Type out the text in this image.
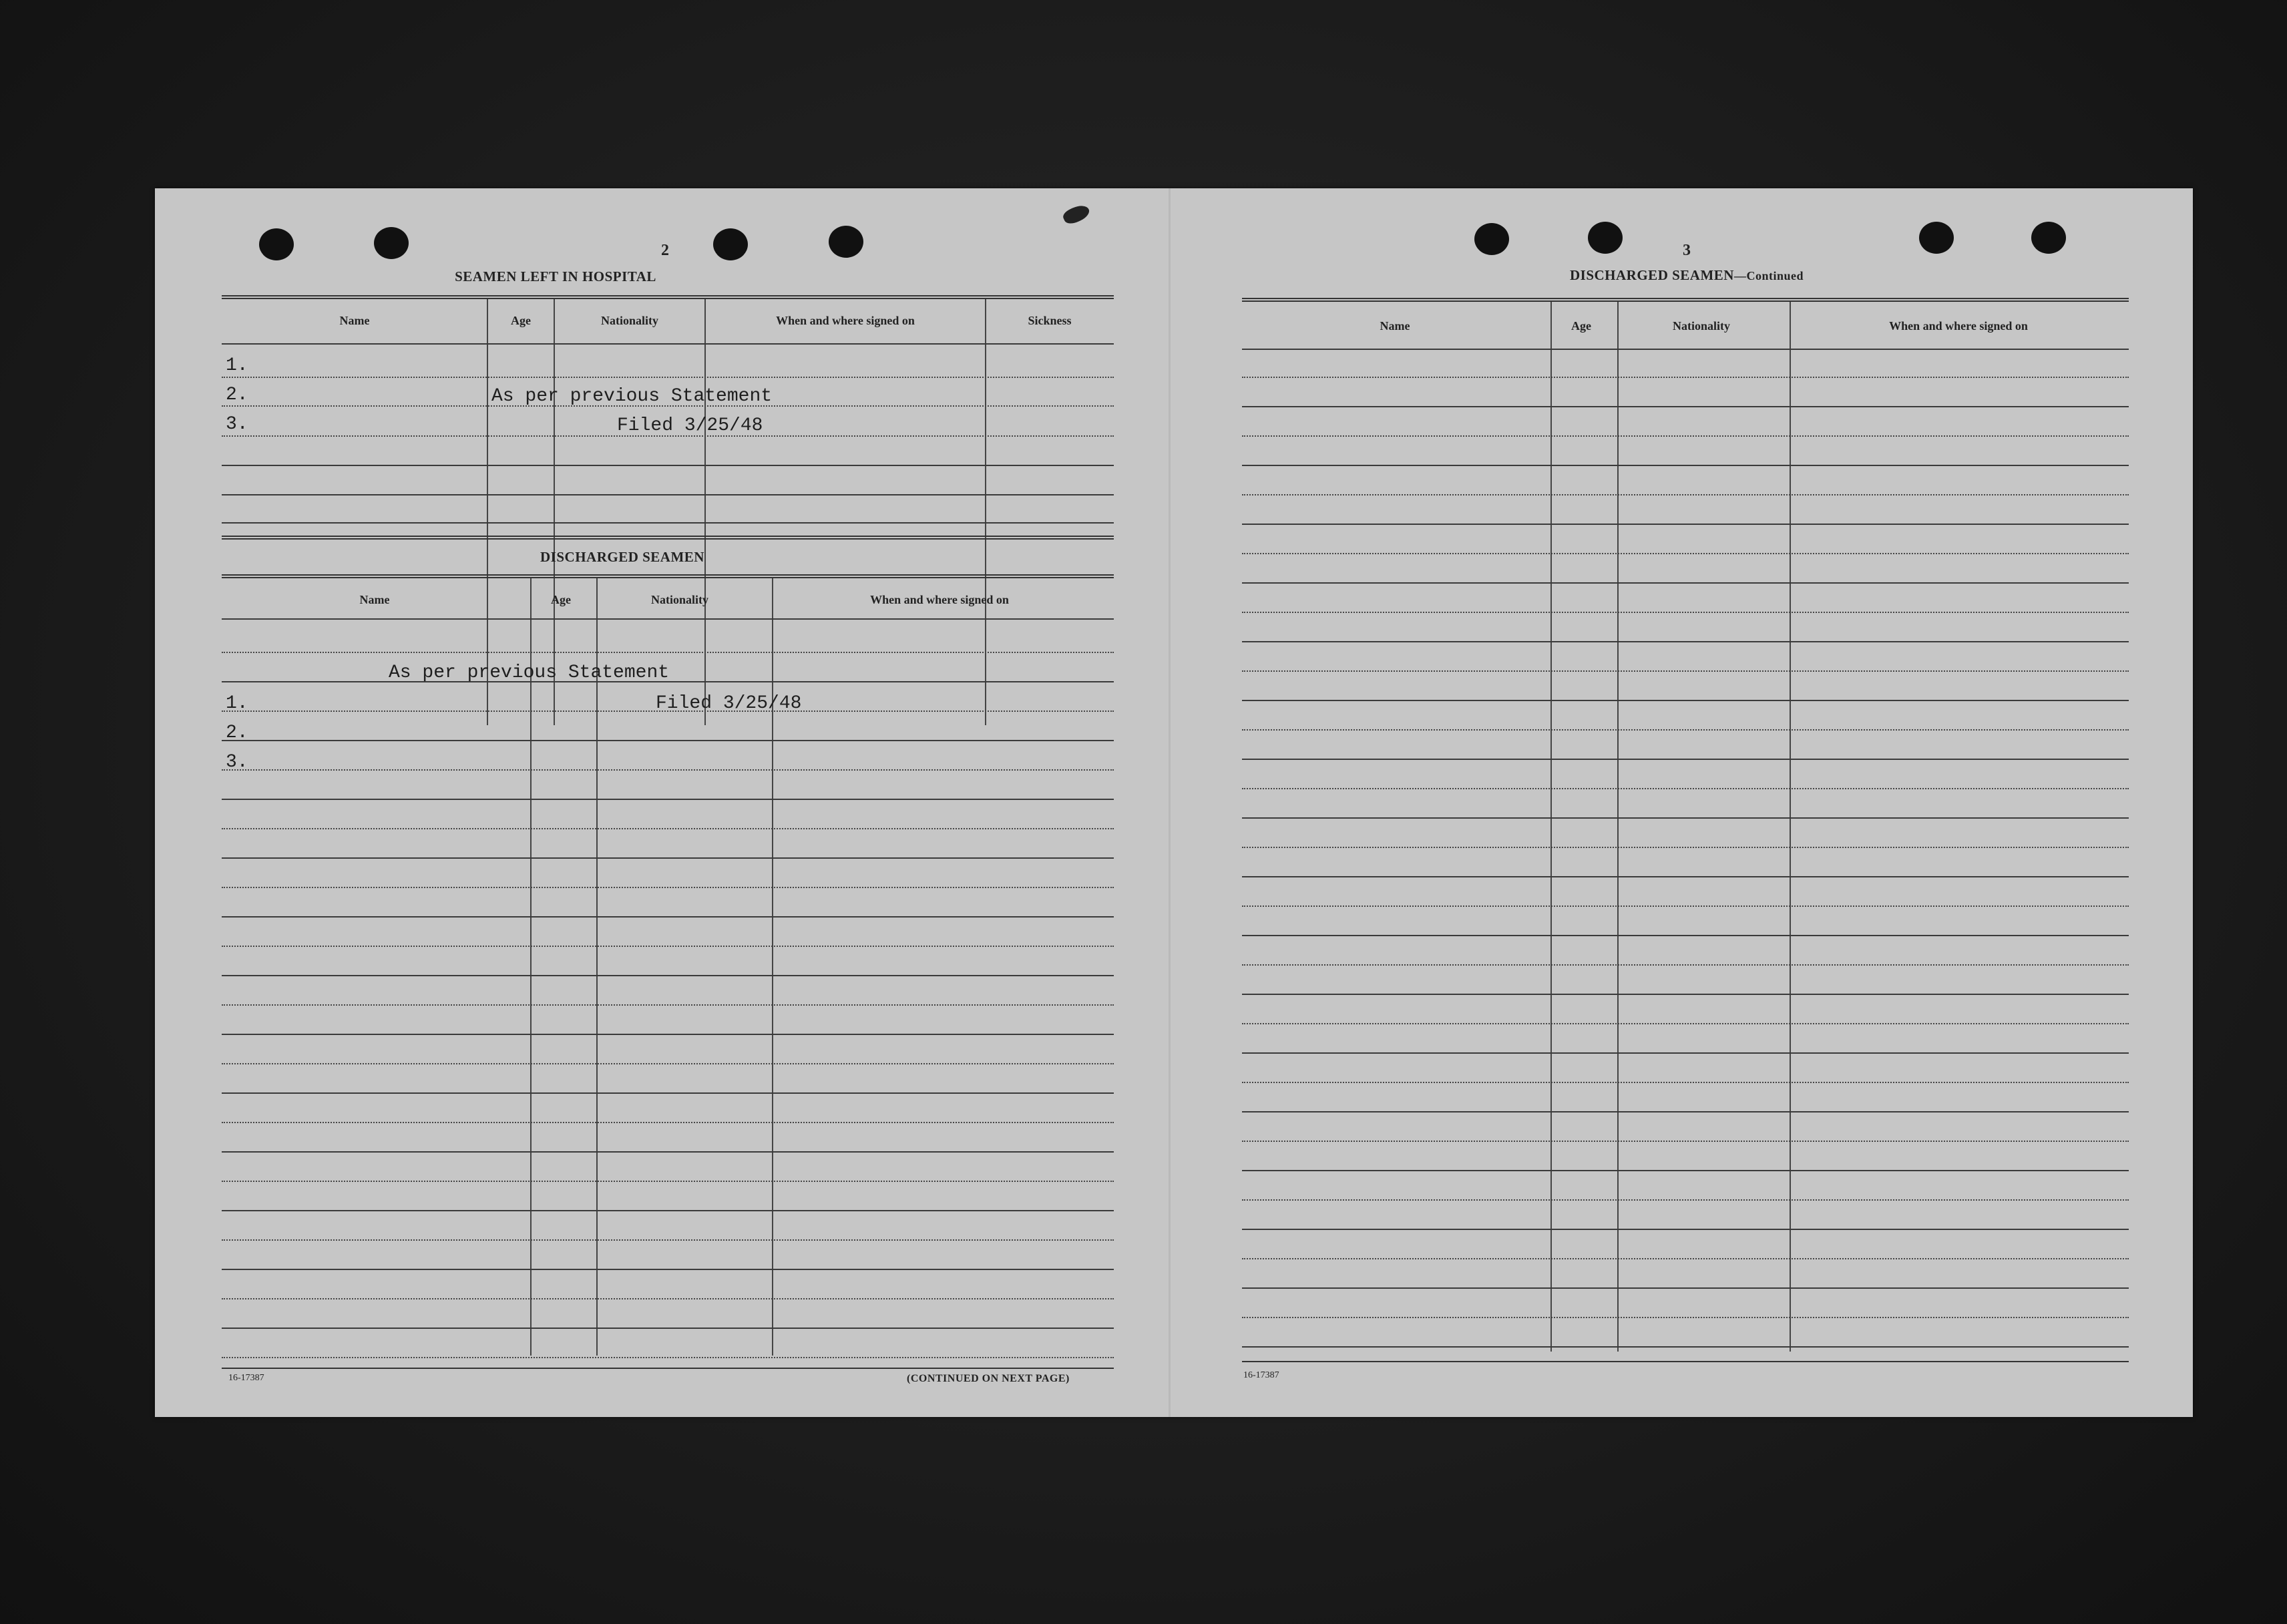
2
SEAMEN LEFT IN HOSPITAL
Name	Age	Nationality	When and where signed on	Sickness
1.
2.
3.
As per previous Statement
Filed 3/25/48
DISCHARGED SEAMEN
Name	Age	Nationality	When and where signed on
As per previous Statement
Filed 3/25/48
1.
2.
3.
16-17387	(CONTINUED ON NEXT PAGE)
3
DISCHARGED SEAMEN—Continued
Name	Age	Nationality	When and where signed on
16-17387
